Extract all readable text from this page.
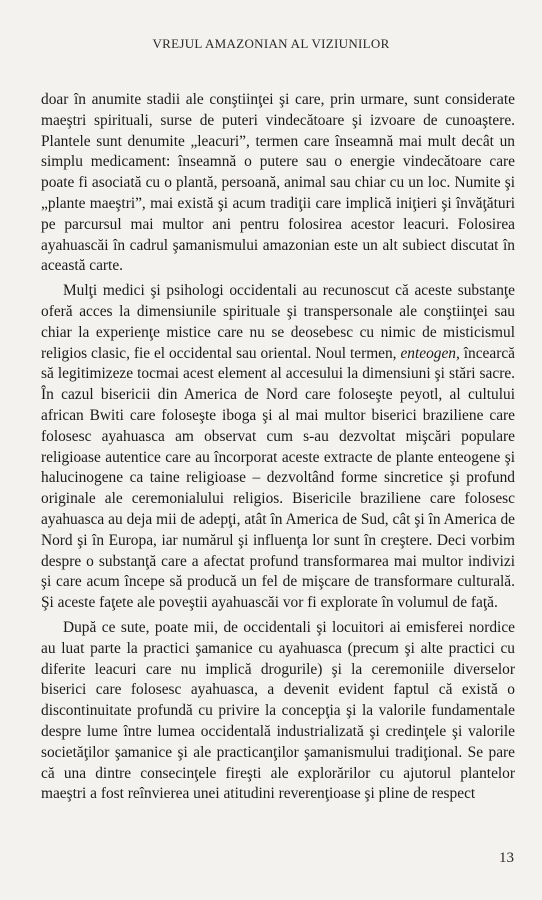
VREJUL AMAZONIAN AL VIZIUNILOR

doar în anumite stadii ale conştiinţei şi care, prin urmare, sunt considerate maeştri spirituali, surse de puteri vindecătoare şi izvoare de cunoaştere. Plantele sunt denumite „leacuri”, termen care înseamnă mai mult decât un simplu medicament: înseamnă o putere sau o energie vindecătoare care poate fi asociată cu o plantă, persoană, animal sau chiar cu un loc. Numite şi „plante maeştri”, mai există şi acum tradiţii care implică iniţieri şi învăţături pe parcursul mai multor ani pentru folosirea acestor leacuri. Folosirea ayahuascăi în cadrul şamanismului amazonian este un alt subiect discutat în această carte.

Mulţi medici şi psihologi occidentali au recunoscut că aceste substanţe oferă acces la dimensiunile spirituale şi transpersonale ale conştiinţei sau chiar la experienţe mistice care nu se deosebesc cu nimic de misticismul religios clasic, fie el occidental sau oriental. Noul termen, enteogen, încearcă să legitimizeze tocmai acest element al accesului la dimensiuni şi stări sacre. În cazul bisericii din America de Nord care foloseşte peyotl, al cultului african Bwiti care foloseşte iboga şi al mai multor biserici braziliene care folosesc ayahuasca am observat cum s-au dezvoltat mişcări populare religioase autentice care au încorporat aceste extracte de plante enteogene şi halucinogene ca taine religioase – dezvoltând forme sincretice şi profund originale ale ceremonialului religios. Bisericile braziliene care folosesc ayahuasca au deja mii de adepţi, atât în America de Sud, cât şi în America de Nord şi în Europa, iar numărul şi influenţa lor sunt în creştere. Deci vorbim despre o substanţă care a afectat profund transformarea mai multor indivizi şi care acum începe să producă un fel de mişcare de transformare culturală. Şi aceste faţete ale poveştii ayahuascăi vor fi explorate în volumul de faţă.

După ce sute, poate mii, de occidentali şi locuitori ai emisferei nordice au luat parte la practici şamanice cu ayahuasca (precum şi alte practici cu diferite leacuri care nu implică drogurile) şi la ceremoniile diverselor biserici care folosesc ayahuasca, a devenit evident faptul că există o discontinuitate profundă cu privire la concepţia şi la valorile fundamentale despre lume între lumea occidentală industrializată şi credinţele şi valorile societăţilor şamanice şi ale practicanţilor şamanismului tradiţional. Se pare că una dintre consecinţele fireşti ale explorărilor cu ajutorul plantelor maeştri a fost reînvierea unei atitudini reverenţioase şi pline de respect

13
